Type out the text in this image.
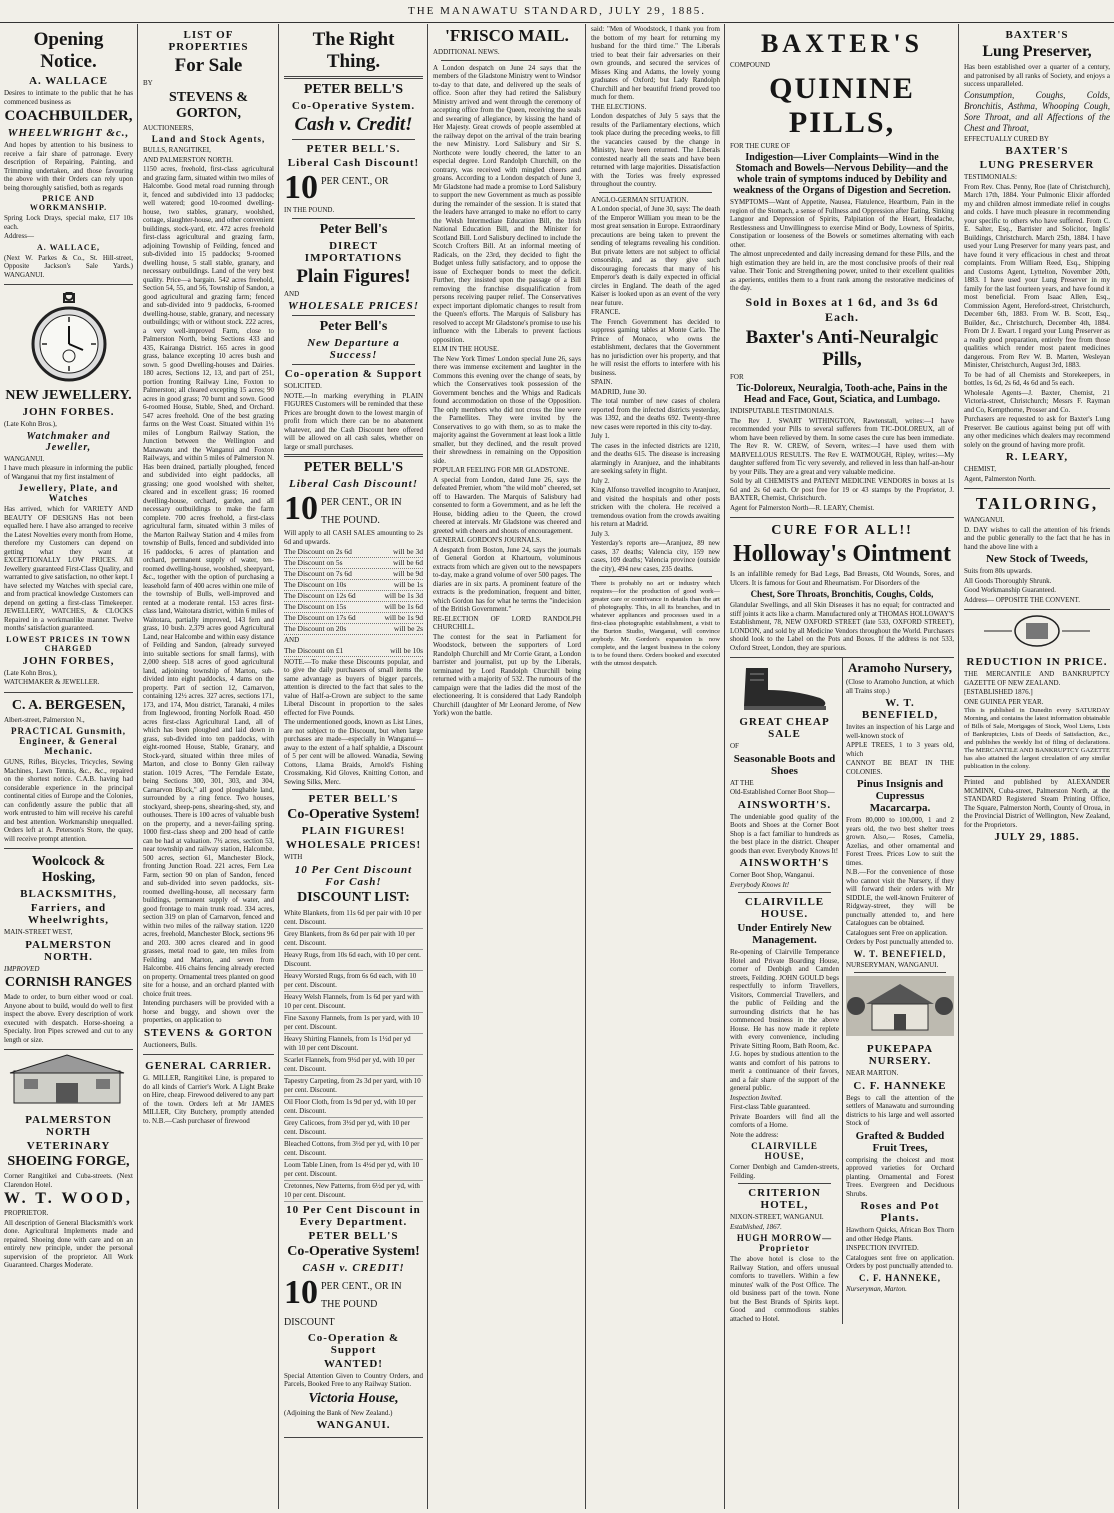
THE MANAWATU STANDARD, JULY 29, 1885.
Opening Notice.
A. WALLACE
Desires to intimate to the public that he has commenced business as
COACHBUILDER,
WHEELWRIGHT &c.,
And hopes by attention to his business to receive a fair share of patronage. Every description of Repairing, Painting, and Trimming undertaken, and those favouring the above with their Orders can rely upon being thoroughly satisfied, both as regards
PRICE AND WORKMANSHIP.
Spring Lock Drays, special make, £17 10s each.
Address—
A. WALLACE,
(Next W. Parkes & Co., St. Hill-street, Opposite Jackson's Sale Yards.) WANGANUI.
NEW JEWELLERY.
JOHN FORBES.
(Late Kohn Bros.),
Watchmaker and Jeweller,
WANGANUI.
I have much pleasure in informing the public of Wanganui that my first instalment of
Jewellery, Plate, and Watches
Has arrived, which for VARIETY AND BEAUTY OF DESIGNS Has not been equalled here. I have also arranged to receive the Latest Novelties every month from Home, therefore my Customers can depend on getting what they want at EXCEPTIONALLY LOW PRICES. All Jewellery guaranteed First-Class Quality, and warranted to give satisfaction, no other kept. I have selected my Watches with special care, and from practical knowledge Customers can depend on getting a first-class Timekeeper. JEWELLERY, WATCHES, & CLOCKS Repaired in a workmanlike manner. Twelve months' satisfaction guaranteed.
LOWEST PRICES IN TOWN CHARGED
JOHN FORBES,
(Late Kohn Bros.),
WATCHMAKER & JEWELLER.
C. A. BERGESEN,
Albert-street, Palmerston N.,
PRACTICAL Gunsmith, Engineer, & General Mechanic.
GUNS, Rifles, Bicycles, Tricycles, Sewing Machines, Lawn Tennis, &c., &c., repaired on the shortest notice. C.A.B. having had considerable experience in the principal continental cities of Europe and the Colonies, can confidently assure the public that all work entrusted to him will receive his careful and best attention. Workmanship unequalled. Orders left at A. Peterson's Store, the quay, will receive prompt attention.
Woolcock & Hosking,
BLACKSMITHS,
Farriers, and Wheelwrights,
MAIN-STREET WEST,
PALMERSTON NORTH.
IMPROVED
CORNISH RANGES
Made to order, to burn either wood or coal. Anyone about to build, would do well to first inspect the above. Every description of work executed with despatch. Horse-shoeing a Specialty. Iron Pipes screwed and cut to any length or size.
PALMERSTON NORTH
VETERINARY
SHOEING FORGE,
Corner Rangitikei and Cuba-streets. (Next Clarendon Hotel.
W. T. WOOD,
PROPRIETOR.
All description of General Blacksmith's work done. Agricultural Implements made and repaired. Shoeing done with care and on an entirely new principle, under the personal supervision of the proprietor. All Work Guaranteed. Charges Moderate.
LIST OF PROPERTIES
For Sale
BY
STEVENS & GORTON,
AUCTIONEERS,
Land and Stock Agents,
BULLS, RANGITIKEI,
AND PALMERSTON NORTH.
1150 acres, freehold, first-class agricultural and grazing farm, situated within two miles of Halcombe. Good metal road running through it, fenced and subdivided into 13 paddocks; well watered; good 10-roomed dwelling-house, two stables, granary, woolshed, cottage, slaughter-house, and other convenient buildings, stock-yard, etc. 472 acres freehold first-class agricultural and grazing farm, adjoining Township of Feilding, fenced and sub-divided into 15 paddocks; 9-roomed dwelling house, 5 stall stable, granary, and necessary outbuildings. Land of the very best quality. Price—a bargain. 542 acres freehold, Section 54, 55, and 56, Township of Sandon, a good agricultural and grazing farm; fenced and sub-divided into 9 paddocks, 6-roomed dwelling-house, stable, granary, and necessary outbuildings; with or without stock. 222 acres, a very well-improved Farm, close to Palmerston North, being Sections 433 and 435, Kairanga District. 165 acres in good grass, balance excepting 10 acres bush and sown. 5 good Dwelling-houses and Dairies. 180 acres, Sections 12, 13, and part of 251, portion fronting Railway Line, Foxton to Palmerston; all cleared excepting 15 acres; 90 acres in good grass; 70 burnt and sown. Good 6-roomed House, Stable, Shed, and Orchard. 547 acres freehold. One of the best grazing farms on the West Coast. Situated within 1½ miles of Longburn Railway Station, the Junction between the Wellington and Manawatu and the Wanganui and Foxton Railways, and within 5 miles of Palmerston N. Has been drained, partially ploughed, fenced and subdivided into eight paddocks, all grassing; one good woolshed with shelter, cleared and in excellent grass; 16 roomed dwelling-house, orchard, garden, and all necessary outbuildings to make the farm complete. 700 acres freehold, a first-class agricultural farm, situated within 3 miles of the Marton Railway Station and 4 miles from township of Bulls, fenced and subdivided into 16 paddocks, 6 acres of plantation and orchard, permanent supply of water, ten-roomed dwelling-house, woolshed, sheepyard, &c., together with the option of purchasing a leasehold farm of 400 acres within one mile of the township of Bulls, well-improved and rented at a moderate rental. 153 acres first-class land, Waitotara district, within 6 miles of Waitotara, partially improved, 143 fern and grass, 10 bush. 2,379 acres good Agricultural Land, near Halcombe and within easy distance of Feilding and Sandon, (already surveyed into suitable sections for small farms), with 2,000 sheep. 518 acres of good agricultural land, adjoining township of Marton, sub-divided into eight paddocks, 4 dams on the property. Part of section 12, Carnarvon, containing 12½ acres. 327 acres, sections 171, 173, and 174, Mou district, Taranaki, 4 miles from Inglewood, fronting Norfolk Road. 450 acres first-class Agricultural Land, all of which has been ploughed and laid down in grass, sub-divided into ten paddocks, with eight-roomed House, Stable, Granary, and Stock-yard, situated within three miles of Marton, and close to Bonny Glen railway station. 1019 Acres, "The Ferndale Estate, being Sections 300, 301, 303, and 304, Carnarvon Block," all good ploughable land, surrounded by a ring fence. Two houses, stockyard, sheep-pens, shearing-shed, sty, and outhouses. There is 100 acres of valuable bush on the property, and a never-failing spring. 1000 first-class sheep and 200 head of cattle can be had at valuation. 7½ acres, section 53, near township and railway station, Halcombe. 500 acres, section 61, Manchester Block, fronting Junction Road. 221 acres, Fern Lea Farm, section 90 on plan of Sandon, fenced and sub-divided into seven paddocks, six-roomed dwelling-house, all necessary farm buildings, permanent supply of water, and good frontage to main trunk road. 334 acres, section 319 on plan of Carnarvon, fenced and within two miles of the railway station. 1220 acres, freehold, Manchester Block, sections 96 and 203. 300 acres cleared and in good grasses, metal road to gate, ten miles from Feilding and Marton, and seven from Halcombe. 416 chains fencing already erected on property. Ornamental trees planted on good site for a house, and an orchard planted with choice fruit trees.
Intending purchasers will be provided with a horse and buggy, and shown over the properties, on application to
STEVENS & GORTON
Auctioneers, Bulls.
GENERAL CARRIER.
G. MILLER, Rangitikei Line, is prepared to do all kinds of Carrier's Work. A Light Brake on Hire, cheap. Firewood delivered to any part of the town. Orders left at Mr JAMES MILLER, City Butchery, promptly attended to. N.B.—Cash purchaser of firewood
The Right Thing.
PETER BELL'S
Co-Operative System.
Cash v. Credit!
PETER BELL'S.
Liberal Cash Discount!
10 PER CENT., OR
IN THE POUND.
Peter Bell's
DIRECT IMPORTATIONS
Plain Figures!
AND
WHOLESALE PRICES!
Peter Bell's
New Departure a Success!
Co-operation & Support
SOLICITED.
NOTE.—In marking everything in PLAIN FIGURES Customers will be reminded that these Prices are brought down to the lowest margin of profit from which there can be no abatement whatever, and the Cash Discount here offered will be allowed on all cash sales, whether on large or small purchases.
PETER BELL'S
Liberal Cash Discount!
10 PER CENT., OR IN THE POUND.
Will apply to all CASH SALES amounting to 2s 6d and upwards.
The Discount on 2s 6d	will be 3d
The Discount on 5s	will be 6d
The Discount on 7s 6d	will be 9d
The Discount on 10s	will be 1s
The Discount on 12s 6d	will be 1s 3d
The Discount on 15s	will be 1s 6d
The Discount on 17s 6d	will be 1s 9d
The Discount on 20s	will be 2s
AND
The Discount on £1	will be 10s
NOTE.—To make these Discounts popular, and to give the daily purchasers of small items the same advantage as buyers of bigger parcels, attention is directed to the fact that sales to the value of Half-a-Crown are subject to the same Liberal Discount in proportion to the sales effected for Five Pounds.
The undermentioned goods, known as List Lines, are not subject to the Discount, but when large purchases are made—especially in Wanganui—away to the extent of a half sphaldie, a Discount of 5 per cent will be allowed. Wanadia, Sewing Cottons, Llama Braids, Arnold's Fishing Crossmaking, Kid Gloves, Knitting Cotton, and Sewing Silks, Merc.
PETER BELL'S
Co-Operative System!
PLAIN FIGURES!
WHOLESALE PRICES!
WITH
10 Per Cent Discount For Cash!
DISCOUNT LIST:
White Blankets, from 11s 6d per pair with 10 per cent. Discount.
Grey Blankets, from 8s 6d per pair with 10 per cent. Discount.
Heavy Rugs, from 10s 6d each, with 10 per cent. Discount.
Heavy Worsted Rugs, from 6s 6d each, with 10 per cent. Discount.
Heavy Welsh Flannels, from 1s 6d per yard with 10 per cent. Discount.
Fine Saxony Flannels, from 1s per yard, with 10 per cent. Discount.
Heavy Shirting Flannels, from 1s 1½d per yd with 10 per cent Discount.
Scarlet Flannels, from 9½d per yd, with 10 per cent. Discount.
Tapestry Carpeting, from 2s 3d per yard, with 10 per cent. Discount.
Oil Floor Cloth, from 1s 9d per yd, with 10 per cent. Discount.
Grey Calicoes, from 3½d per yd, with 10 per cent. Discount.
Bleached Cottons, from 3½d per yd, with 10 per cent. Discount.
Loom Table Linen, from 1s 4½d per yd, with 10 per cent. Discount.
Cretonnes, New Patterns, from 6½d per yd, with 10 per cent. Discount.
10 Per Cent Discount in Every Department.
PETER BELL'S
Co-Operative System!
CASH v. CREDIT!
10 PER CENT., OR IN THE POUND DISCOUNT
Co-Operation & Support
WANTED!
Special Attention Given to Country Orders, and Parcels, Booked Free to any Railway Station.
Victoria House,
(Adjoining the Bank of New Zealand.)
WANGANUI.
'FRISCO MAIL.
ADDITIONAL NEWS.
A London despatch on June 24 says that the members of the Gladstone Ministry went to Windsor to-day to that date, and delivered up the seals of office. Soon after they had retired the Salisbury Ministry arrived and went through the ceremony of accepting office from the Queen, receiving the seals and swearing of allegiance, by kissing the hand of Her Majesty. Great crowds of people assembled at the railway depot on the arrival of the train bearing the new Ministry. Lord Salisbury and Sir S. Northcote were loudly cheered, the latter to an especial degree. Lord Randolph Churchill, on the contrary, was received with mingled cheers and groans. According to a London despatch of June 3, Mr Gladstone had made a promise to Lord Salisbury to support the new Government as much as possible during the remainder of the session. It is stated that the leaders have arranged to make no effort to carry the Welsh Intermediate Education Bill, the Irish National Education Bill, and the Minister for Scotland Bill. Lord Salisbury declined to include the Scotch Crofters Bill. At an informal meeting of Radicals, on the 23rd, they decided to fight the Budget unless fully satisfactory, and to oppose the issue of Exchequer bonds to meet the deficit. Further, they insisted upon the passage of a Bill removing the franchise disqualification from persons receiving pauper relief. The Conservatives expect important diplomatic changes to result from the Queen's efforts. The Marquis of Salisbury has resolved to accept Mr Gladstone's promise to use his influence with the Liberals to prevent factious opposition.
ELM IN THE HOUSE.
The New York Times' London special June 26, says there was immense excitement and laughter in the Commons this evening over the change of seats, by which the Conservatives took possession of the Government benches and the Whigs and Radicals found accommodation on those of the Opposition. The only members who did not cross the line were the Parnellites. They were invited by the Conservatives to go with them, so as to make the majority against the Government at least look a little smaller, but they declined, and the result proved their shrewdness in remaining on the Opposition side.
POPULAR FEELING FOR MR GLADSTONE.
A special from London, dated June 26, says the defeated Premier, whom "the wild mob" cheered, set off to Hawarden. The Marquis of Salisbury had consented to form a Government, and as he left the House, bidding adieu to the Queen, the crowd cheered at intervals. Mr Gladstone was cheered and greeted with cheers and shouts of encouragement.
GENERAL GORDON'S JOURNALS.
A despatch from Boston, June 24, says the journals of General Gordon at Khartoum, voluminous extracts from which are given out to the newspapers to-day, make a grand volume of over 500 pages. The diaries are in six parts. A prominent feature of the extracts is the predomination, frequent and bitter, which Gordon has for what he terms the "indecision of the British Government."
RE-ELECTION OF LORD RANDOLPH CHURCHILL.
The contest for the seat in Parliament for Woodstock, between the supporters of Lord Randolph Churchill and Mr Corrie Grant, a London barrister and journalist, put up by the Liberals, terminated by Lord Randolph Churchill being returned with a majority of 532. The rumours of the campaign were that the ladies did the most of the electioneering. It is considered that Lady Randolph Churchill (daughter of Mr Leonard Jerome, of New York) won the battle.
said: "Men of Woodstock, I thank you from the bottom of my heart for returning my husband for the third time." The Liberals tried to beat their fair adversaries on their own grounds, and secured the services of Misses King and Adams, the lovely young graduates of Oxford; but Lady Randolph Churchill and her beautiful friend proved too much for them.
THE ELECTIONS.
London despatches of July 5 says that the results of the Parliamentary elections, which took place during the preceding weeks, to fill the vacancies caused by the change in Ministry, have been returned. The Liberals contested nearly all the seats and have been returned with large majorities. Dissatisfaction with the Tories was freely expressed throughout the country.
ANGLO-GERMAN SITUATION.
A London special, of June 30, says: The death of the Emperor William you mean to be the most great sensation in Europe. Extraordinary precautions are being taken to prevent the sending of telegrams revealing his condition. But private letters are not subject to official censorship, and as they give such discouraging forecasts that many of his Emperor's death is daily expected in official circles in England. The death of the aged Kaiser is looked upon as an event of the very near future.
FRANCE.
The French Government has decided to suppress gaming tables at Monte Carlo. The Prince of Monaco, who owns the establishment, declares that the Government has no jurisdiction over his property, and that he will resist the efforts to interfere with his business.
SPAIN.
MADRID, June 30.
The total number of new cases of cholera reported from the infected districts yesterday, was 1392, and the deaths 692. Twenty-three new cases were reported in this city to-day.
July 1.
The cases in the infected districts are 1210, and the deaths 615. The disease is increasing alarmingly in Aranjuez, and the inhabitants are seeking safety in flight.
July 2.
King Alfonso travelled incognito to Aranjuez, and visited the hospitals and other posts stricken with the cholera. He received a tremendous ovation from the crowds awaiting his return at Madrid.
July 3.
Yesterday's reports are—Aranjuez, 89 new cases, 37 deaths; Valencia city, 159 new cases, 109 deaths; Valencia province (outside the city), 494 new cases, 235 deaths.
There is probably no art or industry which requires—for the production of good work—greater care or contrivance in details than the art of photography. This, in all its branches, and in whatever appliances and processes used in a first-class photographic establishment, a visit to the Burton Studio, Wanganui, will convince anybody. Mr. Gordon's expansion is now complete, and the largest business in the colony is to be found there. Orders booked and executed with the utmost despatch.
BAXTER'S
COMPOUND
QUININE PILLS,
FOR THE CURE OF
Indigestion—Liver Complaints—Wind in the Stomach and Bowels—Nervous Debility—and the whole train of symptoms induced by Debility and weakness of the Organs of Digestion and Secretion.
SYMPTOMS—Want of Appetite, Nausea, Flatulence, Heartburn, Pain in the region of the Stomach, a sense of Fullness and Oppression after Eating, Sinking Languor and Depression of Spirits, Palpitation of the Heart, Headache, Restlessness and Unwillingness to exercise Mind or Body, Lowness of Spirits, Constipation or looseness of the Bowels or sometimes alternating with each other.
The almost unprecedented and daily increasing demand for these Pills, and the high estimation they are held in, are the most conclusive proofs of their real value. Their Tonic and Strengthening power, united to their excellent qualities as aperients, entitles them to a front rank among the restorative medicines of the day.
Sold in Boxes at 1 6d, and 3s 6d Each.
Baxter's Anti-Neuralgic Pills,
FOR
Tic-Doloreux, Neuralgia, Tooth-ache, Pains in the Head and Face, Gout, Sciatica, and Lumbago.
INDISPUTABLE TESTIMONIALS.
The Rev J. SWART WITHINGTON, Rawtenstall, writes:—I have recommended your Pills to several sufferers from TIC-DOLOREUX, all of whom have been relieved by them. In some cases the cure has been immediate. The Rev R. W. CREW, of Severn, writes:—I have used them with MARVELLOUS RESULTS. The Rev E. WATMOUGH, Ripley, writes:—My daughter suffered from Tic very severely, and relieved in less than half-an-hour by your Pills. They are a great and very valuable medicine.
Sold by all CHEMISTS and PATENT MEDICINE VENDORS in boxes at 1s 6d and 2s 6d each. Or post free for 19 or 43 stamps by the Proprietor, J. BAXTER, Chemist, Christchurch.
Agent for Palmerston North—R. LEARY, Chemist.
CURE FOR ALL!!
Holloway's Ointment
Is an infallible remedy for Bad Legs, Bad Breasts, Old Wounds, Sores, and Ulcers. It is famous for Gout and Rheumatism. For Disorders of the
Chest, Sore Throats, Bronchitis, Coughs, Colds,
Glandular Swellings, and all Skin Diseases it has no equal; for contracted and stiff joints it acts like a charm. Manufactured only at THOMAS HOLLOWAY'S Establishment, 78, NEW OXFORD STREET (late 533, OXFORD STREET), LONDON, and sold by all Medicine Vendors throughout the World. Purchasers should look to the Label on the Pots and Boxes. If the address is not 533, Oxford Street, London, they are spurious.
GREAT CHEAP SALE
OF
Seasonable Boots and Shoes
AT THE
Old-Established Corner Boot Shop—
AINSWORTH'S.
The undeniable good quality of the Boots and Shoes at the Corner Boot Shop is a fact familiar to hundreds as the best place in the district. Cheaper goods than ever. Everybody Knows It!
AINSWORTH'S
Corner Boot Shop, Wanganui.
Everybody Knows It!
CLAIRVILLE HOUSE.
Under Entirely New Management.
Re-opening of Clairville Temperance Hotel and Private Boarding House, corner of Denbigh and Camden streets, Feilding. JOHN GOULD begs respectfully to inform Travellers, Visitors, Commercial Travellers, and the public of Feilding and the surrounding districts that he has commenced business in the above House. He has now made it replete with every convenience, including Private Sitting Room, Bath Room, &c. J.G. hopes by studious attention to the wants and comfort of his patrons to merit a continuance of their favors, and a fair share of the support of the general public.
Inspection Invited.
First-class Table guaranteed.
Private Boarders will find all the comforts of a Home.
Note the address:
CLAIRVILLE HOUSE,
Corner Denbigh and Camden-streets, Feilding.
CRITERION HOTEL,
NIXON-STREET, WANGANUI.
Established, 1867.
HUGH MORROW—Proprietor
The above hotel is close to the Railway Station, and offers unusual comforts to travellers. Within a few minutes' walk of the Post Office. The old business part of the town. None but the Best Brands of Spirits kept. Good and commodious stables attached to Hotel.
Aramoho Nursery,
(Close to Aramoho Junction, at which all Trains stop.)
W. T. BENEFIELD,
Invites an inspection of his Large and well-known stock of
APPLE TREES, 1 to 3 years old, which
CANNOT BE BEAT IN THE COLONIES.
Pinus Insignis and Cupressus Macarcarpa.
From 80,000 to 100,000, 1 and 2 years old, the two best shelter trees grown. Also,— Roses, Camelia, Azelias, and other ornamental and Forest Trees. Prices Low to suit the times.
N.B.—For the convenience of those who cannot visit the Nursery, if they will forward their orders with Mr SIDDLE, the well-known Fruiterer of Ridgway-street, they will be punctually attended to, and here Catalogues can be obtained.
Catalogues sent Free on application.
Orders by Post punctually attended to.
W. T. BENEFIELD,
NURSERYMAN, WANGANUI.
PUKEPAPA NURSERY.
NEAR MARTON.
C. F. HANNEKE
Begs to call the attention of the settlers of Manawatu and surrounding districts to his large and well assorted Stock of
Grafted & Budded Fruit Trees,
comprising the choicest and most approved varieties for Orchard planting. Ornamental and Forest Trees. Evergreen and Deciduous Shrubs.
Roses and Pot Plants.
Hawthorn Quicks, African Box Thorn and other Hedge Plants.
INSPECTION INVITED.
Catalogues sent free on application. Orders by post punctually attended to.
C. F. HANNEKE,
Nurseryman, Marton.
BAXTER'S
Lung Preserver,
Has been established over a quarter of a century, and patronised by all ranks of Society, and enjoys a success unparalleled.
Consumption, Coughs, Colds, Bronchitis, Asthma, Whooping Cough, Sore Throat, and all Affections of the Chest and Throat,
EFFECTUALLY CURED BY
BAXTER'S
LUNG PRESERVER
TESTIMONIALS:
From Rev. Chas. Penny, Roe (late of Christchurch), March 17th, 1884. Your Pulmonic Elixir afforded my and children almost immediate relief in coughs and colds. I have much pleasure in recommending your specific to others who have suffered. From C. E. Salter, Esq., Barrister and Solicitor, Inglis' Buildings, Christchurch. March 25th, 1884. I have used your Lung Preserver for many years past, and have found it very efficacious in chest and throat complaints. From William Reed, Esq., Shipping and Customs Agent, Lyttelton, November 20th, 1883. I have used your Lung Preserver in my family for the last fourteen years, and have found it most beneficial. From Isaac Allen, Esq., Commission Agent, Hereford-street, Christchurch, December 6th, 1883. From W. B. Scott, Esq., Builder, &c., Christchurch, December 4th, 1884. From Dr J. Ewart. I regard your Lung Preserver as a really good preparation, entirely free from those qualities which render most patent medicines dangerous. From Rev W. B. Marten, Wesleyan Minister, Christchurch, August 3rd, 1883.
To be had of all Chemists and Storekeepers, in bottles, 1s 6d, 2s 6d, 4s 6d and 5s each.
Wholesale Agents—J. Baxter, Chemist, 21 Victoria-street, Christchurch; Messrs F. Rayman and Co, Kempthorne, Prosser and Co.
Purchasers are requested to ask for Baxter's Lung Preserver. Be cautious against being put off with any other medicines which dealers may recommend solely on the ground of having more profit.
R. LEARY,
CHEMIST,
Agent, Palmerston North.
TAILORING,
WANGANUI.
D. DAY wishes to call the attention of his friends and the public generally to the fact that he has in hand the above line with a
New Stock of Tweeds,
Suits from 80s upwards.
All Goods Thoroughly Shrunk.
Good Workmanship Guaranteed.
Address— OPPOSITE THE CONVENT.
REDUCTION IN PRICE.
THE MERCANTILE AND BANKRUPTCY GAZETTE OF NEW ZEALAND.
[ESTABLISHED 1876.]
ONE GUINEA PER YEAR.
This is published in Dunedin every SATURDAY Morning, and contains the latest information obtainable of Bills of Sale, Mortgages of Stock, Wool Liens, Lists of Bankruptcies, Lists of Deeds of Satisfaction, &c., and publishes the weekly list of filing of declarations. The MERCANTILE AND BANKRUPTCY GAZETTE has also attained the largest circulation of any similar publication in the colony.
Printed and published by ALEXANDER MCMINN, Cuba-street, Palmerston North, at the STANDARD Registered Steam Printing Office, The Square, Palmerston North, County of Oroua, in the Provincial District of Wellington, New Zealand, for the Proprietors.
JULY 29, 1885.
